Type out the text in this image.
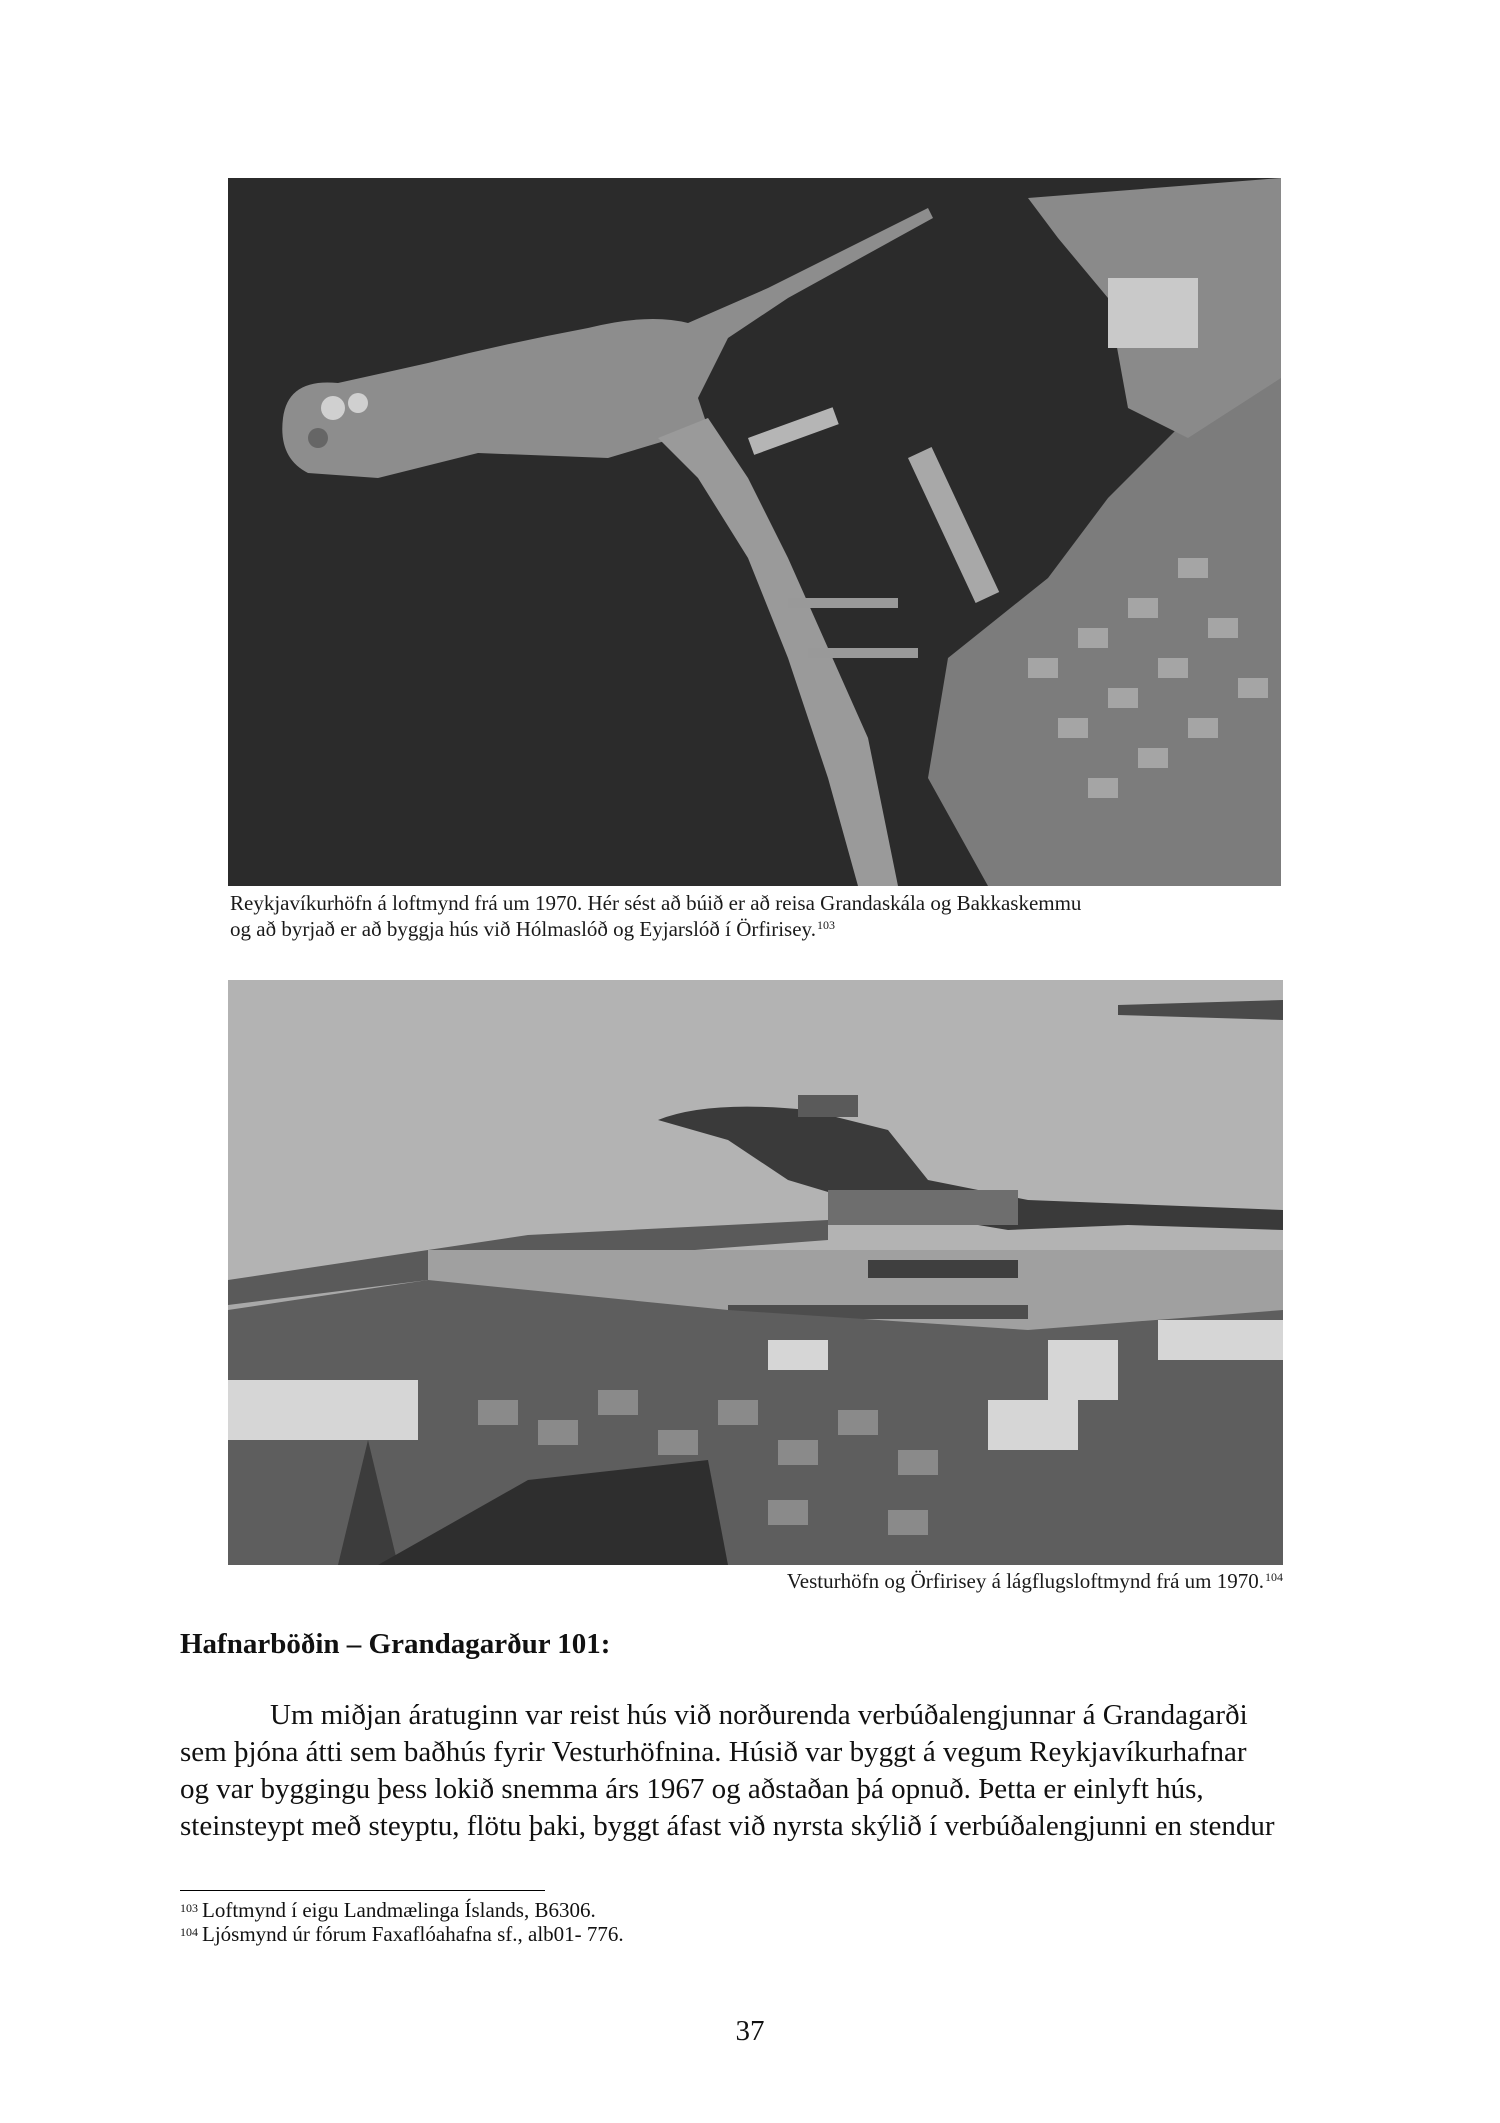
Reykjavíkurhöfn á loftmynd frá um 1970. Hér sést að búið er að reisa Grandaskála og Bakkaskemmu
og að byrjað er að byggja hús við Hólmaslóð og Eyjarslóð í Örfirisey.$^{103}$
Vesturhöfn og Örfirisey á lágflugsloftmynd frá um 1970.$^{104}$
Hafnarböðin – Grandagarður 101:

Um miðjan áratuginn var reist hús við norðurenda verbúðalengjunnar á Grandagarði

sem þjóna átti sem baðhús fyrir Vesturhöfnina. Húsið var byggt á vegum Reykjavíkurhafnar
og var byggingu þess lokið snemma árs 1967 og aðstaðan þá opnuð. Þetta er einlyft hús,
steinsteypt með steyptu, flötu þaki, byggt áfast við nyrsta skýlið í verbúðalengjunni en stendur
$^{103}$ Loftmynd í eigu Landmælinga Íslands, B6306.
$^{104}$ Ljósmynd úr fórum Faxaflóahafna sf., alb01- 776.
37
